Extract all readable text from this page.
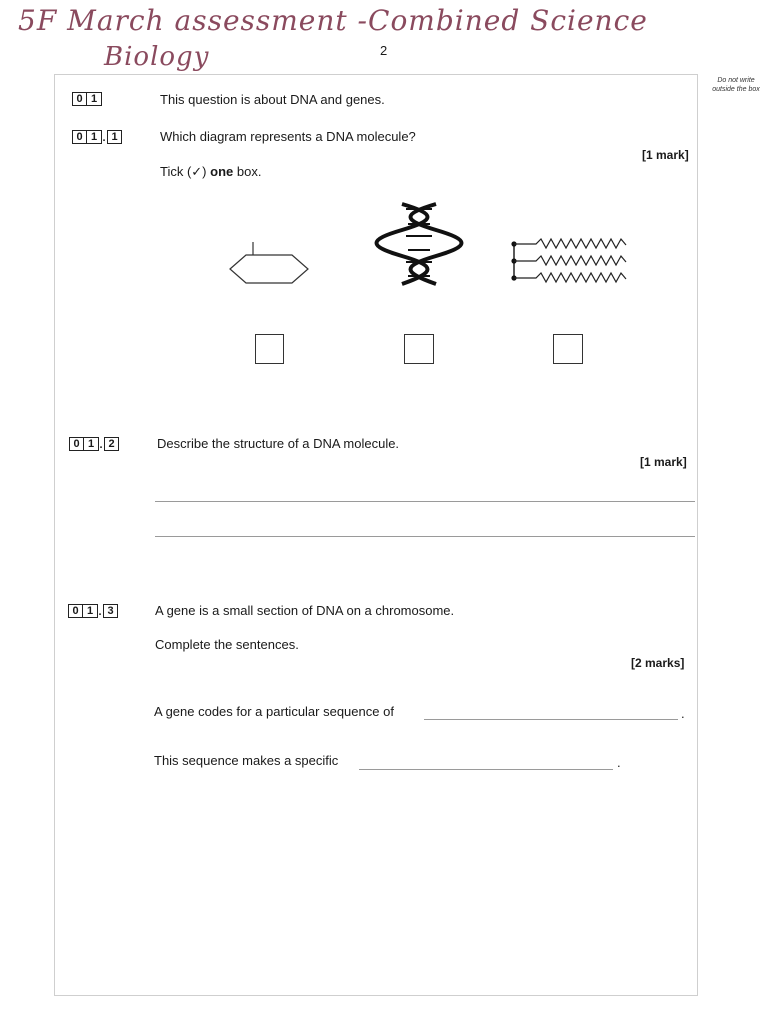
5F March assessment -Combined Science
Biology	2
Do not write outside the box
0 1	This question is about DNA and genes.
0 1 . 1	Which diagram represents a DNA molecule?
[1 mark]
Tick (✓) one box.
0 1 . 2	Describe the structure of a DNA molecule.
[1 mark]
0 1 . 3	A gene is a small section of DNA on a chromosome.
Complete the sentences.
[2 marks]
A gene codes for a particular sequence of	.
This sequence makes a specific	.
